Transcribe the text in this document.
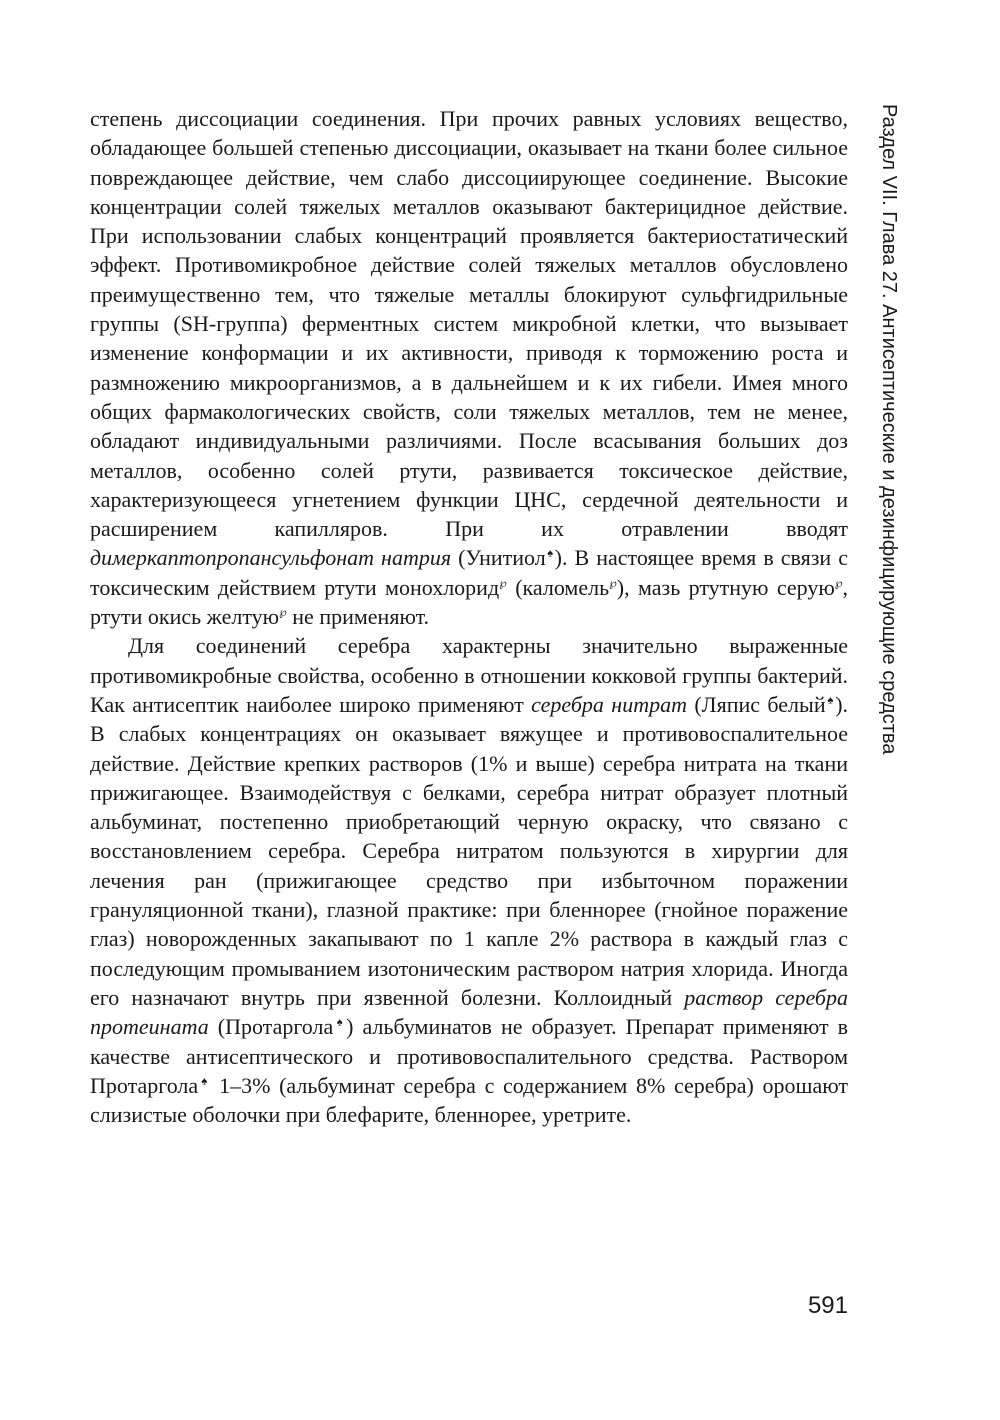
степень диссоциации соединения. При прочих равных условиях вещество, обладающее большей степенью диссоциации, оказывает на ткани более сильное повреждающее действие, чем слабо диссоциирующее соединение. Высокие концентрации солей тяжелых металлов оказывают бактерицидное действие. При использовании слабых концентраций проявляется бактериостатический эффект. Противомикробное действие солей тяжелых металлов обусловлено преимущественно тем, что тяжелые металлы блокируют сульфгидрильные группы (SH-группа) ферментных систем микробной клетки, что вызывает изменение конформации и их активности, приводя к торможению роста и размножению микроорганизмов, а в дальнейшем и к их гибели. Имея много общих фармакологических свойств, соли тяжелых металлов, тем не менее, обладают индивидуальными различиями. После всасывания больших доз металлов, особенно солей ртути, развивается токсическое действие, характеризующееся угнетением функции ЦНС, сердечной деятельности и расширением капилляров. При их отравлении вводят димеркаптопропансульфонат натрия (Унитиол♠). В настоящее время в связи с токсическим действием ртути монохлорид℘ (каломель℘), мазь ртутную серую℘, ртути окись желтую℘ не применяют.

Для соединений серебра характерны значительно выраженные противомикробные свойства, особенно в отношении кокковой группы бактерий. Как антисептик наиболее широко применяют серебра нитрат (Ляпис белый♠). В слабых концентрациях он оказывает вяжущее и противовоспалительное действие. Действие крепких растворов (1% и выше) серебра нитрата на ткани прижигающее. Взаимодействуя с белками, серебра нитрат образует плотный альбуминат, постепенно приобретающий черную окраску, что связано с восстановлением серебра. Серебра нитратом пользуются в хирургии для лечения ран (прижигающее средство при избыточном поражении грануляционной ткани), глазной практике: при бленнорее (гнойное поражение глаз) новорожденных закапывают по 1 капле 2% раствора в каждый глаз с последующим промыванием изотоническим раствором натрия хлорида. Иногда его назначают внутрь при язвенной болезни. Коллоидный раствор серебра протеината (Протаргола♠) альбуминатов не образует. Препарат применяют в качестве антисептического и противовоспалительного средства. Раствором Протаргола♠ 1–3% (альбуминат серебра с содержанием 8% серебра) орошают слизистые оболочки при блефарите, бленнорее, уретрите.

Раздел VII. Глава 27. Антисептические и дезинфицирующие средства
591
